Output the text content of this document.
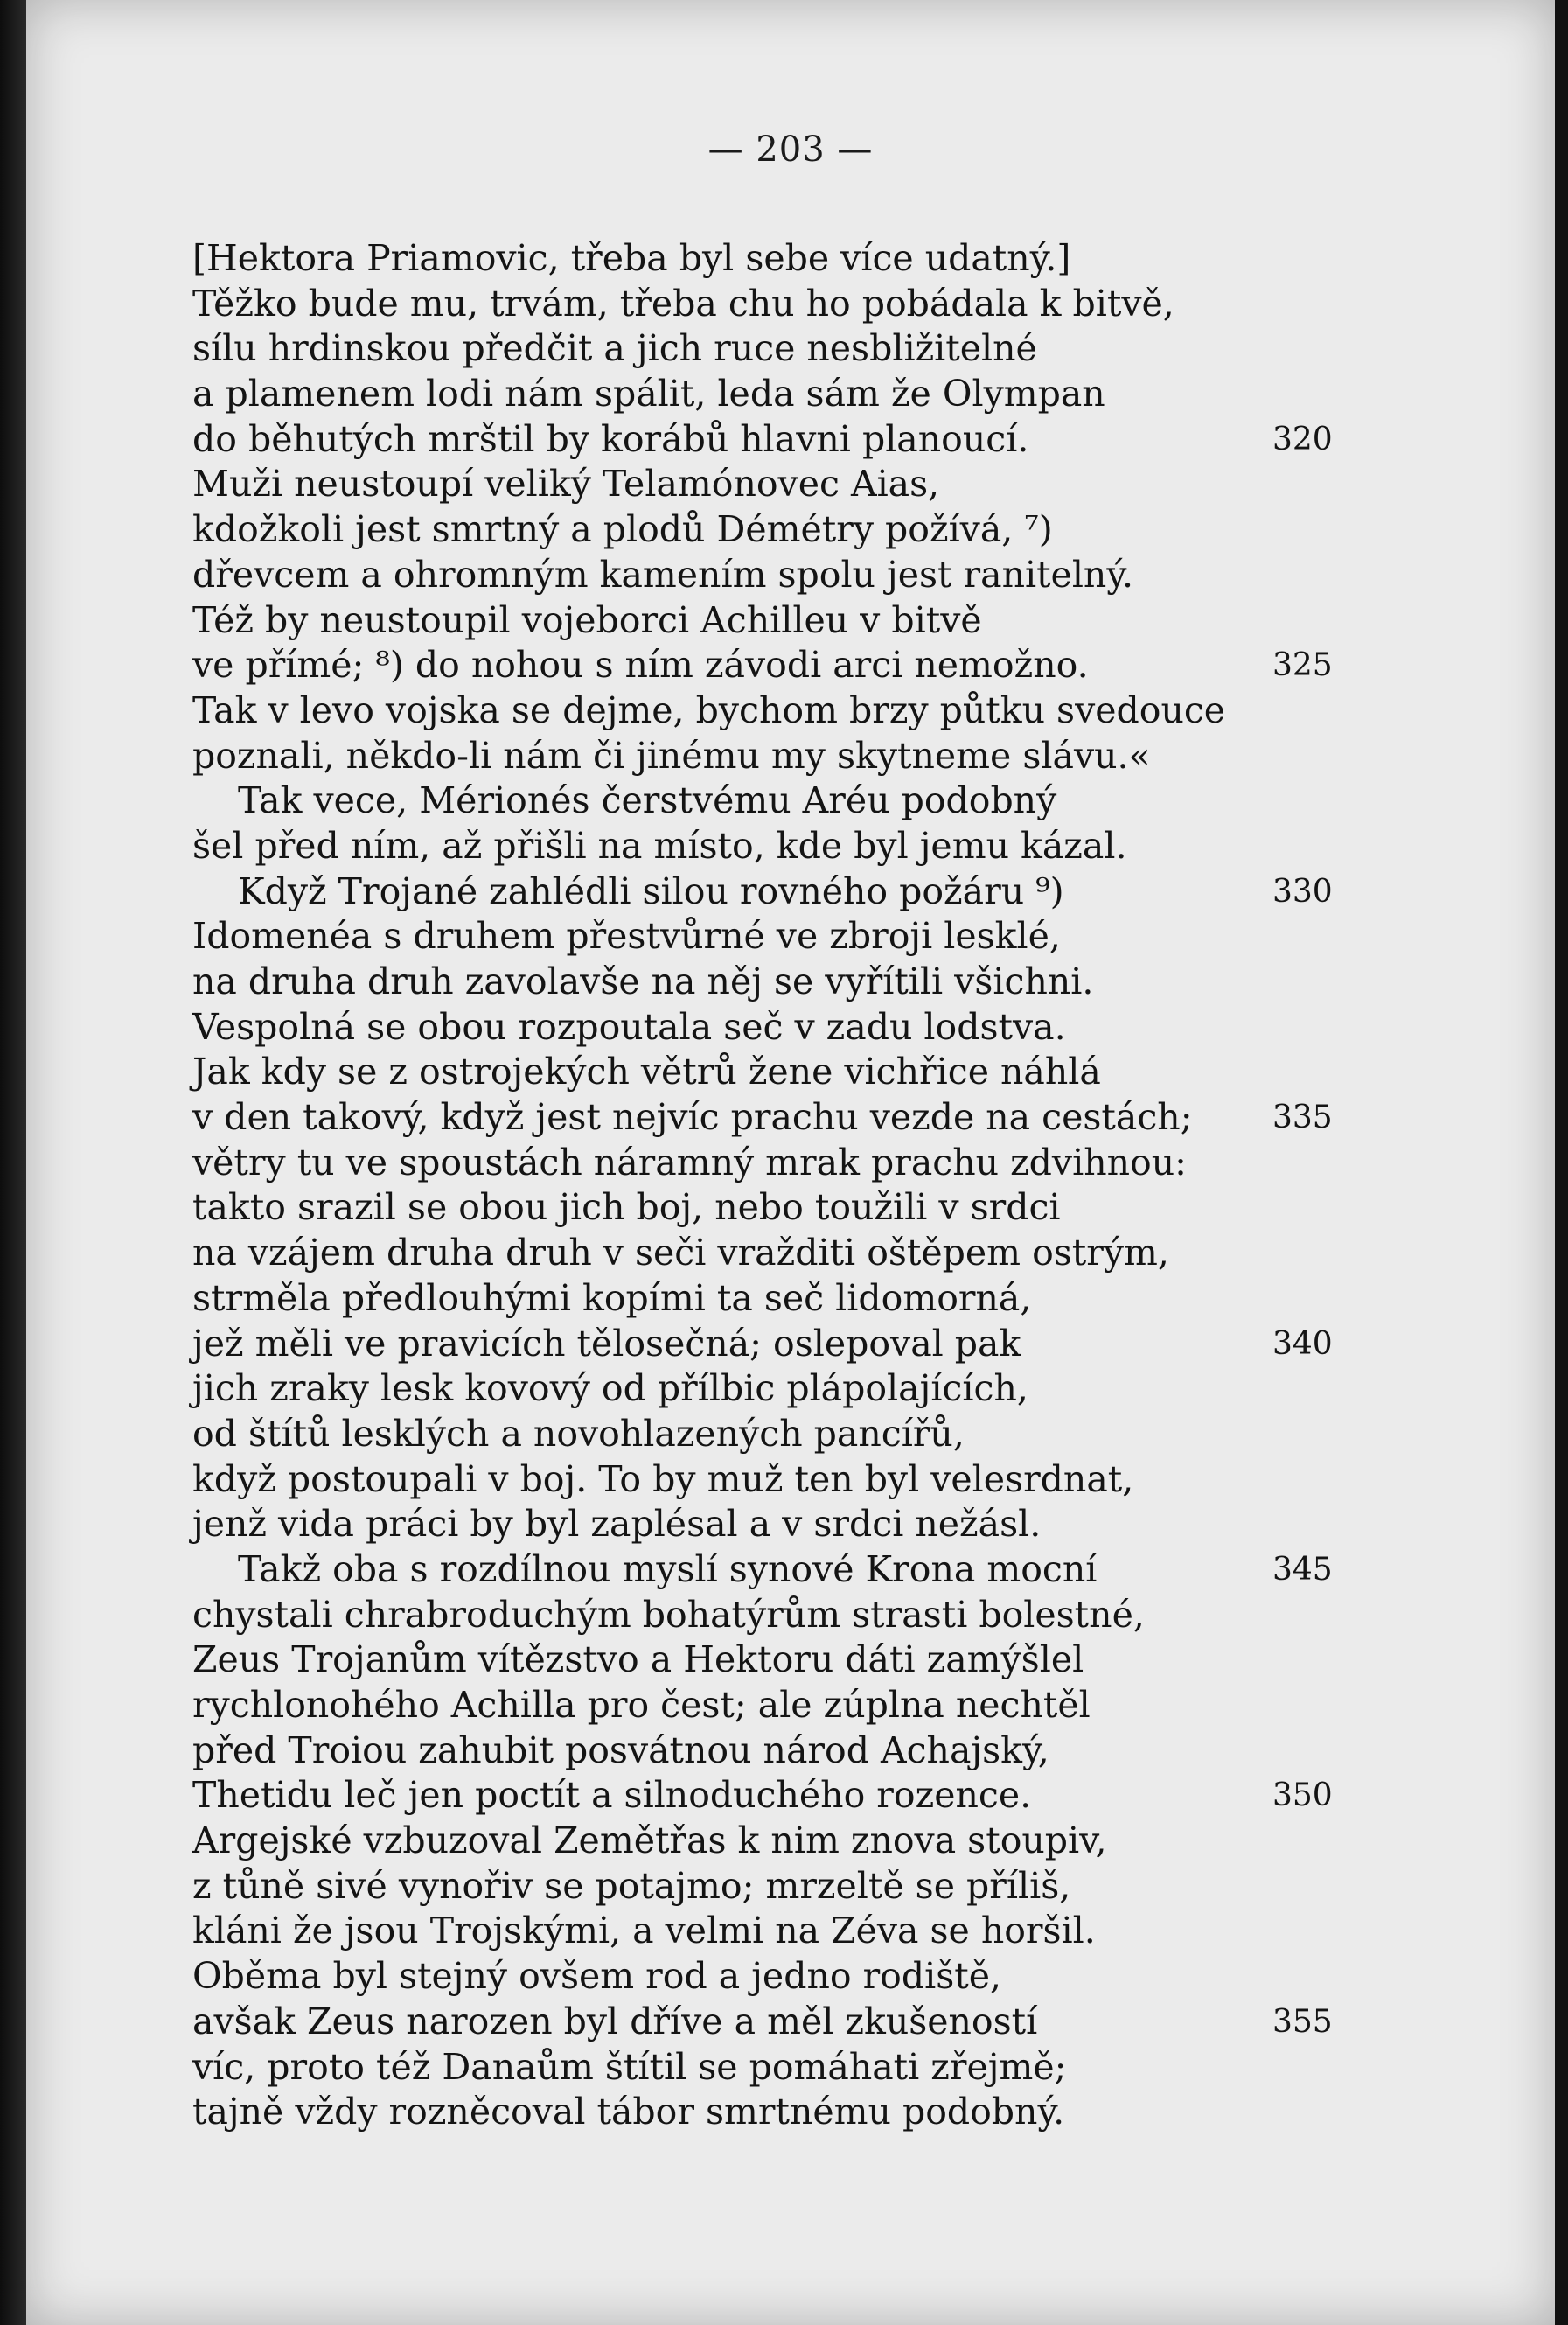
— 203 —
[Hektora Priamovic, třeba byl sebe více udatný.]
Těžko bude mu, trvám, třeba chu ho pobádala k bitvě,
sílu hrdinskou předčit a jich ruce nesbližitelné
a plamenem lodi nám spálit, leda sám že Olympan
do běhutých mrštil by korábů hlavni planoucí.	320
Muži neustoupí veliký Telamónovec Aias,
kdožkoli jest smrtný a plodů Démétry požívá, ⁷)
dřevcem a ohromným kamením spolu jest ranitelný.
Též by neustoupil vojeborci Achilleu v bitvě
ve přímé; ⁸) do nohou s ním závodi arci nemožno.	325
Tak v levo vojska se dejme, bychom brzy půtku svedouce
poznali, někdo-li nám či jinému my skytneme slávu.«
Tak vece, Mérionés čerstvému Aréu podobný
šel před ním, až přišli na místo, kde byl jemu kázal.
Když Trojané zahlédli silou rovného požáru ⁹)	330
Idomenéa s druhem přestvůrné ve zbroji lesklé,
na druha druh zavolavše na něj se vyřítili všichni.
Vespolná se obou rozpoutala seč v zadu lodstva.
Jak kdy se z ostrojekých větrů žene vichřice náhlá
v den takový, když jest nejvíc prachu vezde na cestách;	335
větry tu ve spoustách náramný mrak prachu zdvihnou:
takto srazil se obou jich boj, nebo toužili v srdci
na vzájem druha druh v seči vražditi oštěpem ostrým,
strměla předlouhými kopími ta seč lidomorná,
jež měli ve pravicích tělosečná; oslepoval pak	340
jich zraky lesk kovový od přílbic plápolajících,
od štítů lesklých a novohlazených pancířů,
když postoupali v boj. To by muž ten byl velesrdnat,
jenž vida práci by byl zaplésal a v srdci nežásl.
Takž oba s rozdílnou myslí synové Krona mocní	345
chystali chrabroduchým bohatýrům strasti bolestné,
Zeus Trojanům vítězstvo a Hektoru dáti zamýšlel
rychlonohého Achilla pro čest; ale zúplna nechtěl
před Troiou zahubit posvátnou národ Achajský,
Thetidu leč jen poctít a silnoduchého rozence.	350
Argejské vzbuzoval Zemětřas k nim znova stoupiv,
z tůně sivé vynořiv se potajmo; mrzeltě se příliš,
kláni že jsou Trojskými, a velmi na Zéva se horšil.
Oběma byl stejný ovšem rod a jedno rodiště,
avšak Zeus narozen byl dříve a měl zkušeností	355
víc, proto též Danaům štítil se pomáhati zřejmě;
tajně vždy rozněcoval tábor smrtnému podobný.
